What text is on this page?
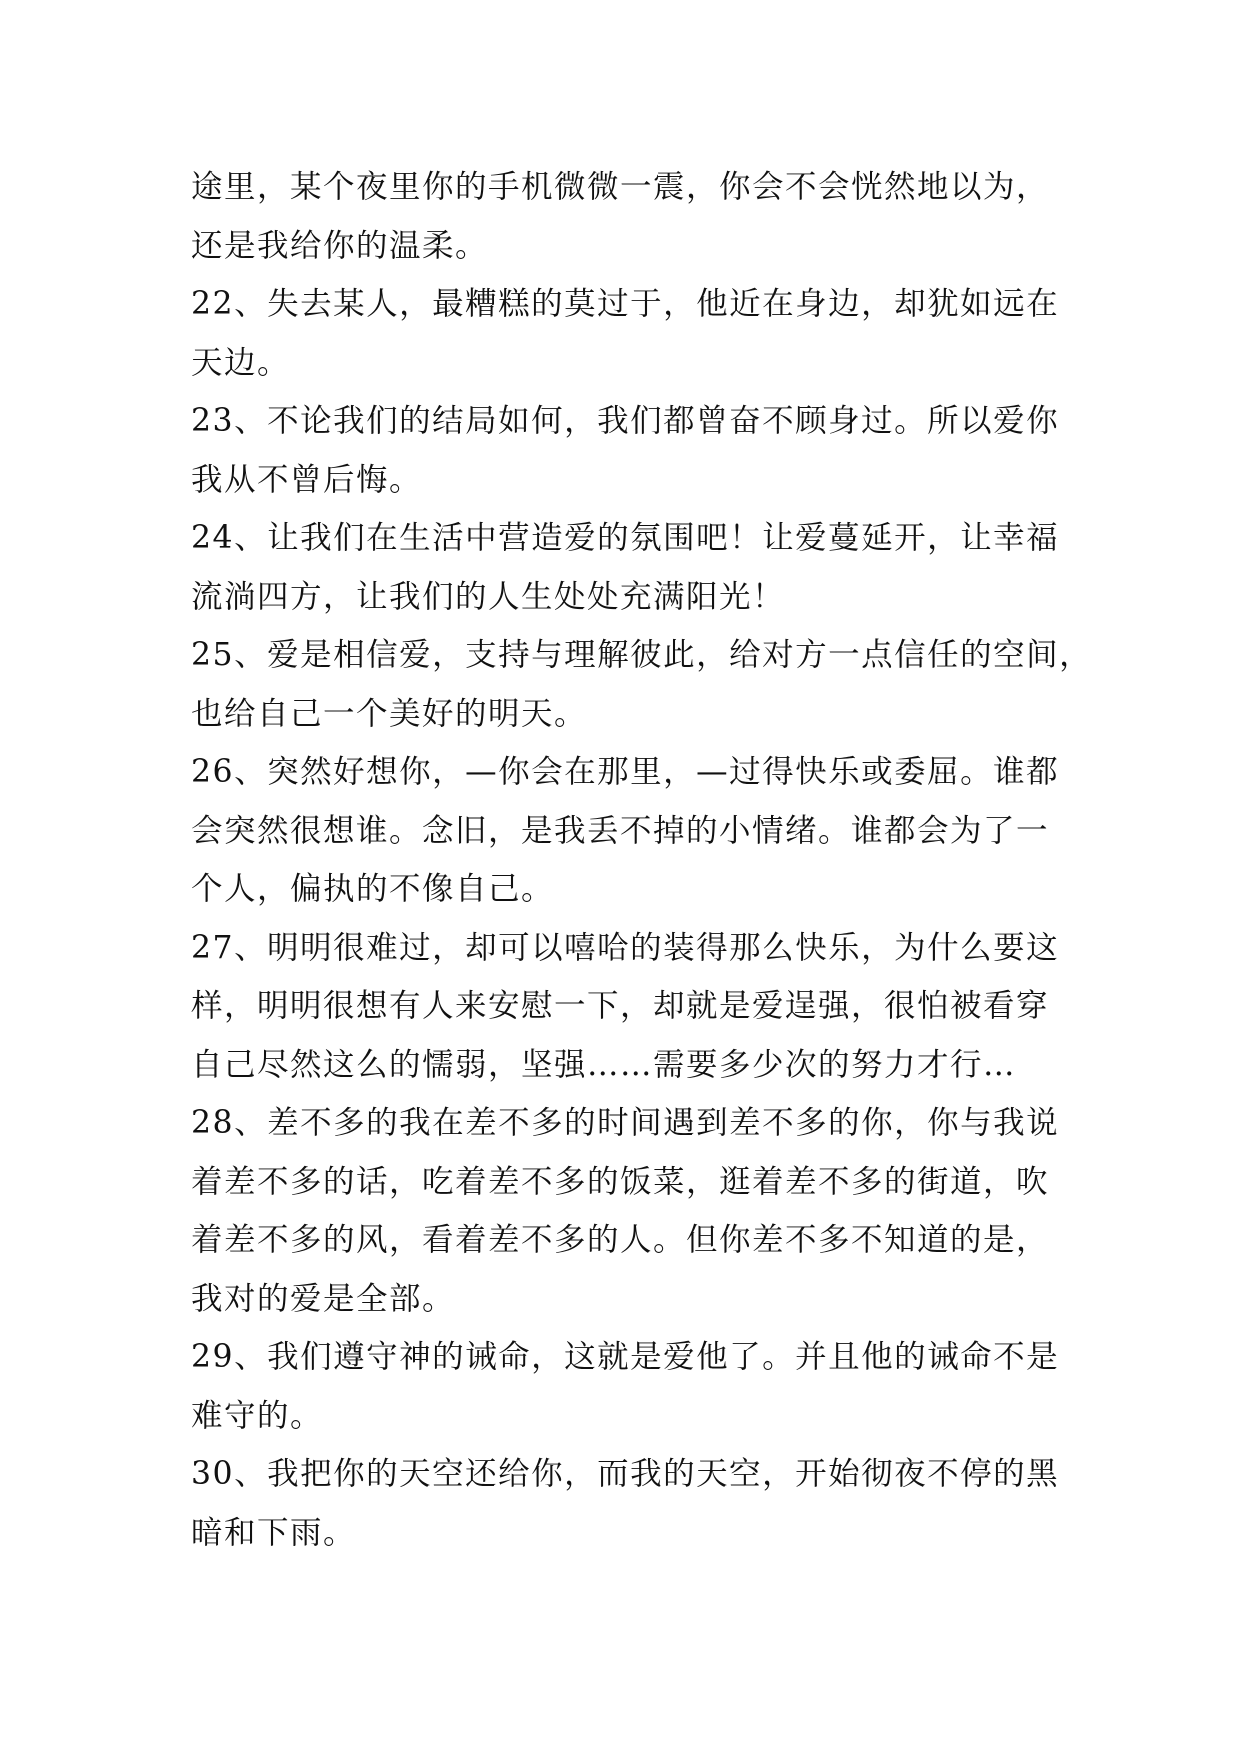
途里，某个夜里你的手机微微一震，你会不会恍然地以为，
还是我给你的温柔。
22、失去某人，最糟糕的莫过于，他近在身边，却犹如远在
天边。
23、不论我们的结局如何，我们都曾奋不顾身过。所以爱你
我从不曾后悔。
24、让我们在生活中营造爱的氛围吧！让爱蔓延开，让幸福
流淌四方，让我们的人生处处充满阳光！
25、爱是相信爱，支持与理解彼此，给对方一点信任的空间，
也给自己一个美好的明天。
26、突然好想你，—你会在那里，—过得快乐或委屈。谁都
会突然很想谁。念旧，是我丢不掉的小情绪。谁都会为了一
个人，偏执的不像自己。
27、明明很难过，却可以嘻哈的装得那么快乐，为什么要这
样，明明很想有人来安慰一下，却就是爱逞强，很怕被看穿
自己尽然这么的懦弱，坚强……需要多少次的努力才行…
28、差不多的我在差不多的时间遇到差不多的你，你与我说
着差不多的话，吃着差不多的饭菜，逛着差不多的街道，吹
着差不多的风，看着差不多的人。但你差不多不知道的是，
我对的爱是全部。
29、我们遵守神的诫命，这就是爱他了。并且他的诫命不是
难守的。
30、我把你的天空还给你，而我的天空，开始彻夜不停的黑
暗和下雨。
